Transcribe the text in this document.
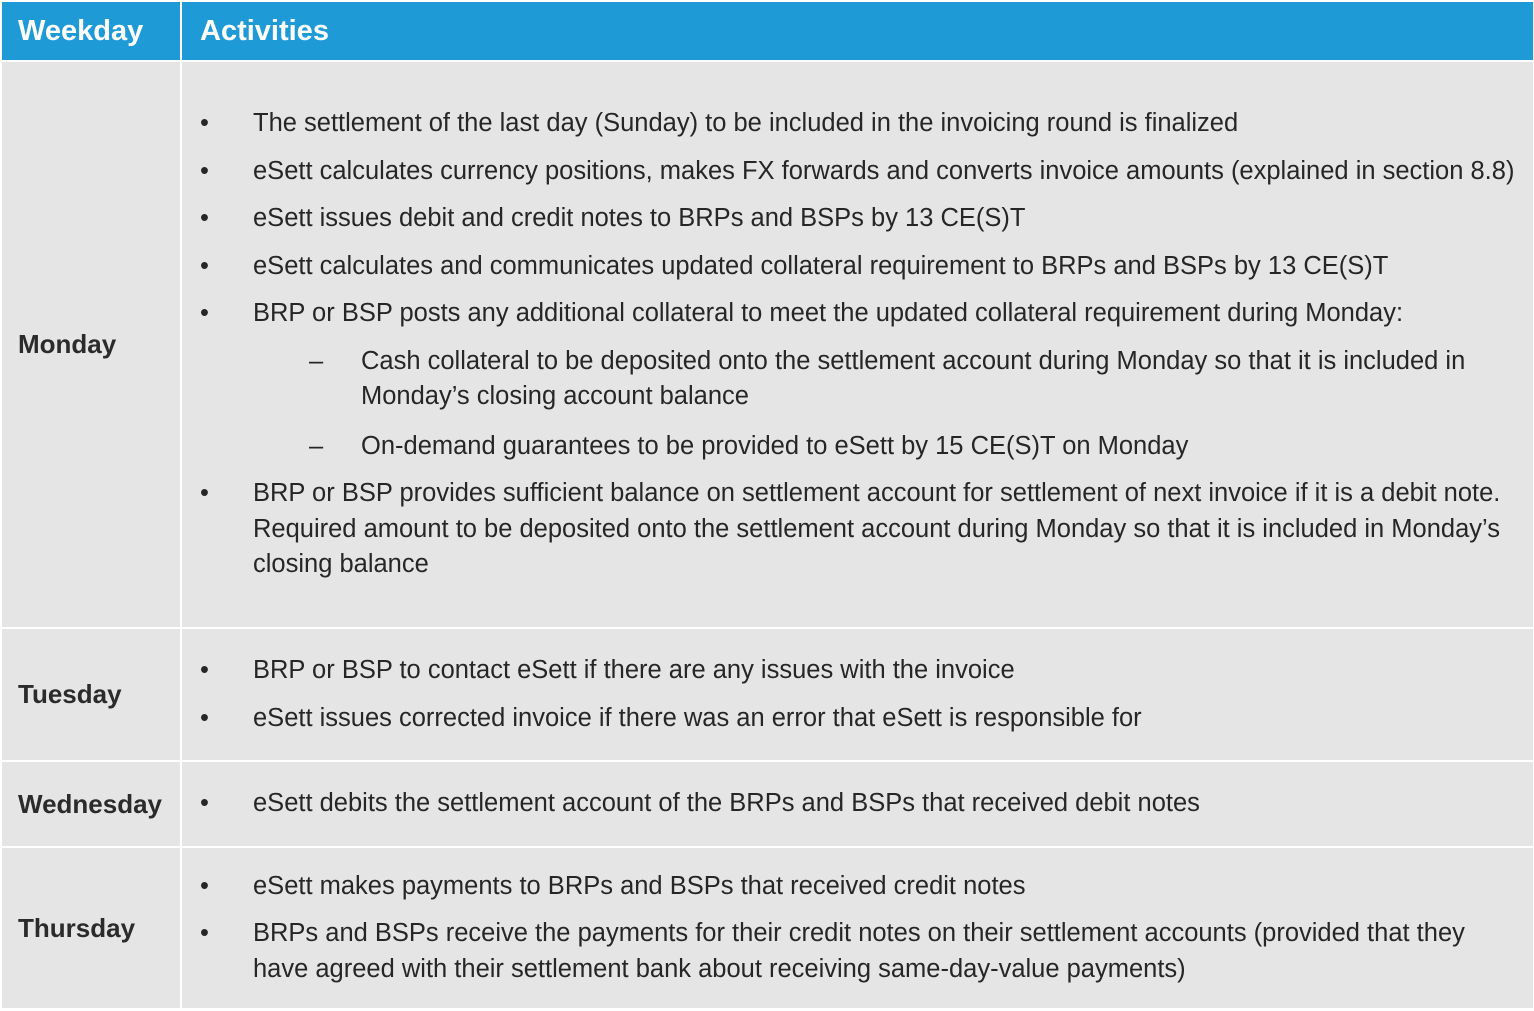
Weekday	Activities
Monday
•	The settlement of the last day (Sunday) to be included in the invoicing round is finalized
•	eSett calculates currency positions, makes FX forwards and converts invoice amounts (explained in section 8.8)
•	eSett issues debit and credit notes to BRPs and BSPs by 13 CE(S)T
•	eSett calculates and communicates updated collateral requirement to BRPs and BSPs by 13 CE(S)T
•	BRP or BSP posts any additional collateral to meet the updated collateral requirement during Monday:
– Cash collateral to be deposited onto the settlement account during Monday so that it is included in Monday’s closing account balance
– On-demand guarantees to be provided to eSett by 15 CE(S)T on Monday
•	BRP or BSP provides sufficient balance on settlement account for settlement of next invoice if it is a debit note. Required amount to be deposited onto the settlement account during Monday so that it is included in Monday’s closing balance
Tuesday
•	BRP or BSP to contact eSett if there are any issues with the invoice
•	eSett issues corrected invoice if there was an error that eSett is responsible for
Wednesday	•	eSett debits the settlement account of the BRPs and BSPs that received debit notes
Thursday
•	eSett makes payments to BRPs and BSPs that received credit notes
•	BRPs and BSPs receive the payments for their credit notes on their settlement accounts (provided that they have agreed with their settlement bank about receiving same-day-value payments)
